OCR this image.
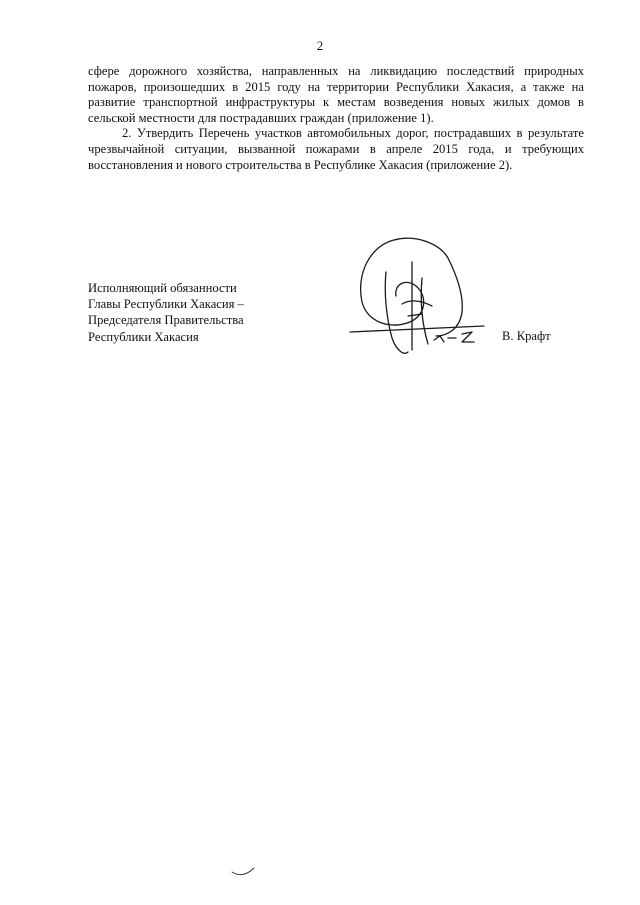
2

сфере дорожного хозяйства, направленных на ликвидацию последствий природных пожаров, произошедших в 2015 году на территории Республики Хакасия, а также на развитие транспортной инфраструктуры к местам возведения новых жилых домов в сельской местности для пострадавших граждан (приложение 1).

2. Утвердить Перечень участков автомобильных дорог, пострадавших в результате чрезвычайной ситуации, вызванной пожарами в апреле 2015 года, и требующих восстановления и нового строительства в Республике Хакасия (приложение 2).

Исполняющий обязанности
Главы Республики Хакасия –
Председателя Правительства
Республики Хакасия	В. Крафт
